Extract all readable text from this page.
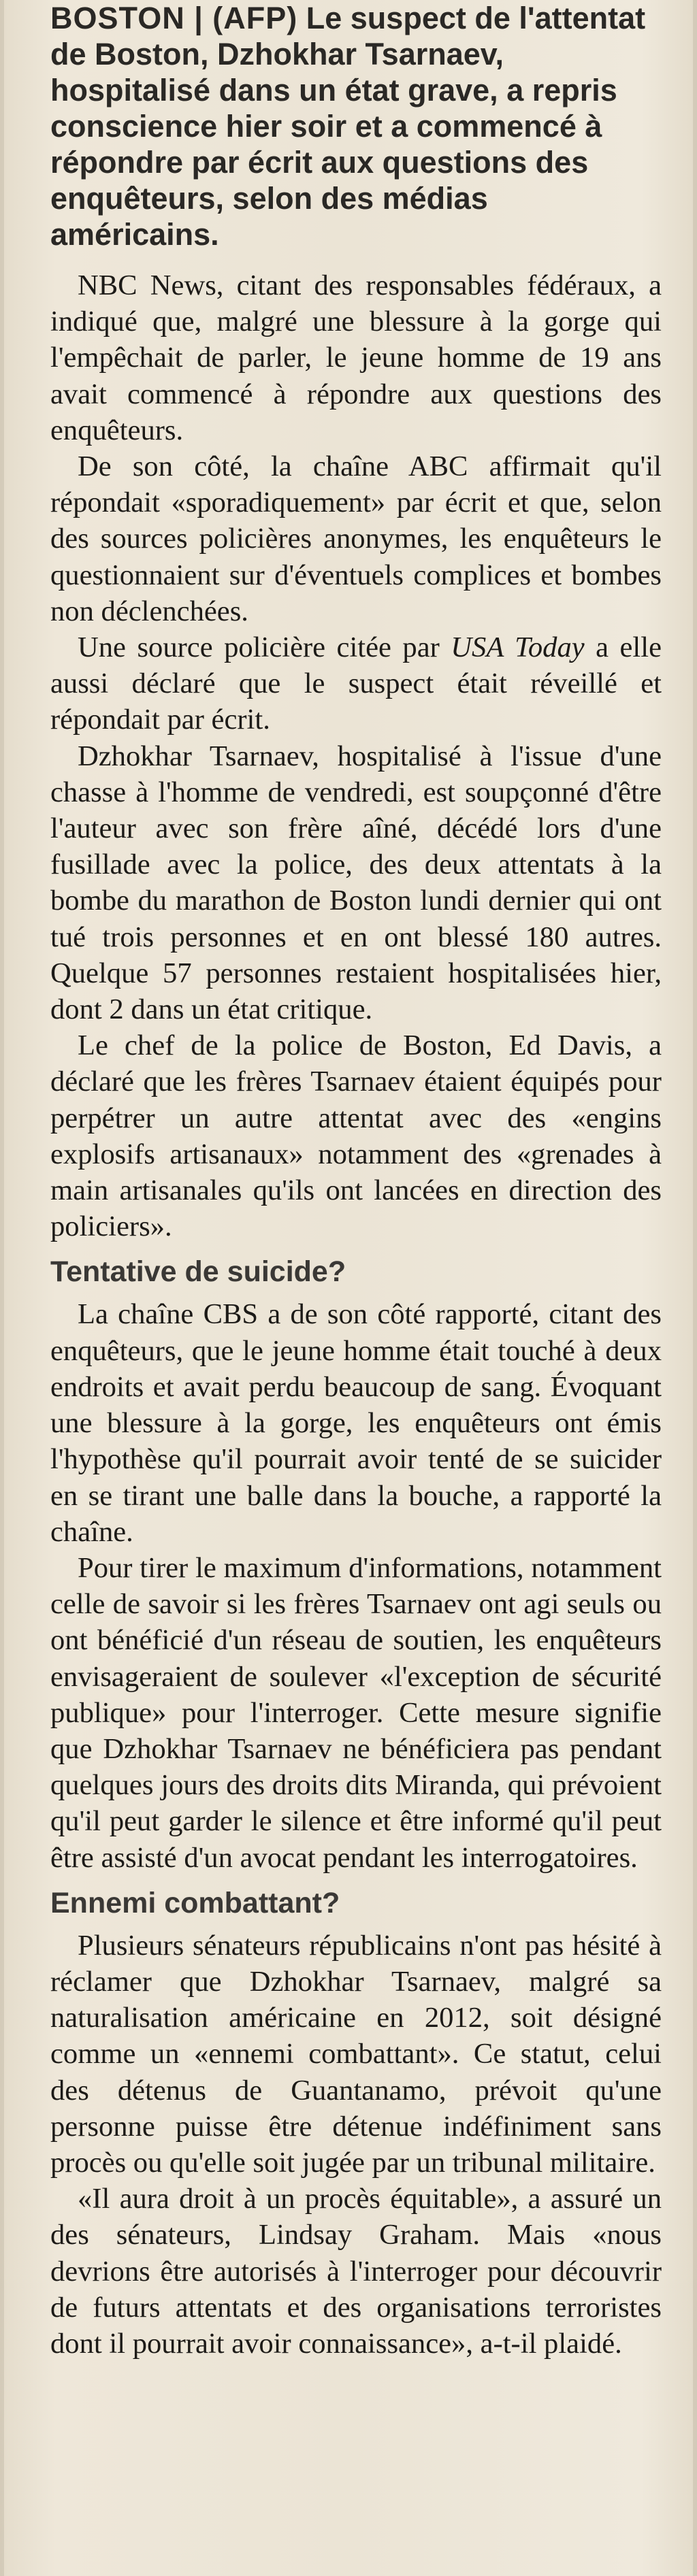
BOSTON | (AFP) Le suspect de l'attentat de Boston, Dzhokhar Tsarnaev, hospitalisé dans un état grave, a repris conscience hier soir et a commencé à répondre par écrit aux questions des enquêteurs, selon des médias américains.

NBC News, citant des responsables fédéraux, a indiqué que, malgré une blessure à la gorge qui l'empêchait de parler, le jeune homme de 19 ans avait commencé à répondre aux questions des enquêteurs.

De son côté, la chaîne ABC affirmait qu'il répondait «sporadiquement» par écrit et que, selon des sources policières anonymes, les enquêteurs le questionnaient sur d'éventuels complices et bombes non déclenchées.

Une source policière citée par USA Today a elle aussi déclaré que le suspect était réveillé et répondait par écrit.

Dzhokhar Tsarnaev, hospitalisé à l'issue d'une chasse à l'homme de vendredi, est soupçonné d'être l'auteur avec son frère aîné, décédé lors d'une fusillade avec la police, des deux attentats à la bombe du marathon de Boston lundi dernier qui ont tué trois personnes et en ont blessé 180 autres. Quelque 57 personnes restaient hospitalisées hier, dont 2 dans un état critique.

Le chef de la police de Boston, Ed Davis, a déclaré que les frères Tsarnaev étaient équipés pour perpétrer un autre attentat avec des «engins explosifs artisanaux» notamment des «grenades à main artisanales qu'ils ont lancées en direction des policiers».

Tentative de suicide?

La chaîne CBS a de son côté rapporté, citant des enquêteurs, que le jeune homme était touché à deux endroits et avait perdu beaucoup de sang. Évoquant une blessure à la gorge, les enquêteurs ont émis l'hypothèse qu'il pourrait avoir tenté de se suicider en se tirant une balle dans la bouche, a rapporté la chaîne.

Pour tirer le maximum d'informations, notamment celle de savoir si les frères Tsarnaev ont agi seuls ou ont bénéficié d'un réseau de soutien, les enquêteurs envisageraient de soulever «l'exception de sécurité publique» pour l'interroger. Cette mesure signifie que Dzhokhar Tsarnaev ne bénéficiera pas pendant quelques jours des droits dits Miranda, qui prévoient qu'il peut garder le silence et être informé qu'il peut être assisté d'un avocat pendant les interrogatoires.

Ennemi combattant?

Plusieurs sénateurs républicains n'ont pas hésité à réclamer que Dzhokhar Tsarnaev, malgré sa naturalisation américaine en 2012, soit désigné comme un «ennemi combattant». Ce statut, celui des détenus de Guantanamo, prévoit qu'une personne puisse être détenue indéfiniment sans procès ou qu'elle soit jugée par un tribunal militaire.

«Il aura droit à un procès équitable», a assuré un des sénateurs, Lindsay Graham. Mais «nous devrions être autorisés à l'interroger pour découvrir de futurs attentats et des organisations terroristes dont il pourrait avoir connaissance», a-t-il plaidé.
